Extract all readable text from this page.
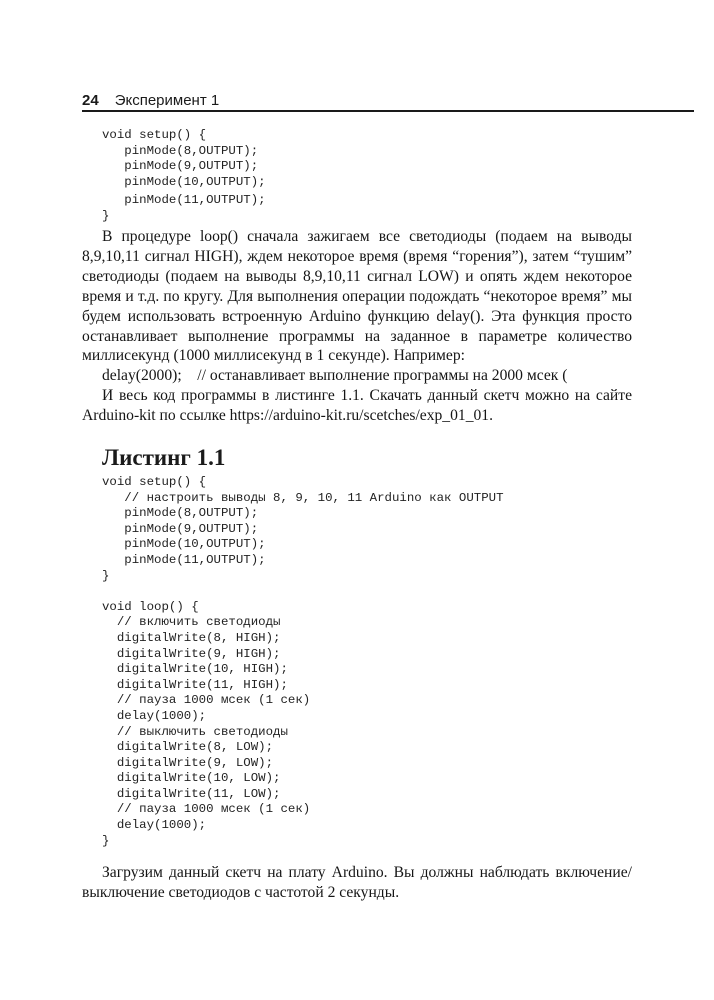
24 Эксперимент 1
void setup() {
pinMode(8,OUTPUT);
pinMode(9,OUTPUT);
pinMode(10,OUTPUT);
pinMode(11,OUTPUT);
}

В процедуре loop() сначала зажигаем все светодиоды (подаем на выводы 8,9,10,11 сигнал HIGH), ждем некоторое время (время “горения”), затем “тушим” светодиоды (подаем на выводы 8,9,10,11 сигнал LOW) и опять ждем некоторое время и т.д. по кругу. Для выполнения операции подождать “некоторое время” мы будем использовать встроенную Arduino функцию delay(). Эта функция просто останавливает выполнение программы на заданное в параметре количество миллисекунд (1000 миллисекунд в 1 секунде). Например:

delay(2000);    // останавливает выполнение программы на 2000 мсек (

И весь код программы в листинге 1.1. Скачать данный скетч можно на сайте Arduino-kit по ссылке https://arduino-kit.ru/scetches/exp_01_01.

Листинг 1.1
void setup() {
// настроить выводы 8, 9, 10, 11 Arduino как OUTPUT
pinMode(8,OUTPUT);
pinMode(9,OUTPUT);
pinMode(10,OUTPUT);
pinMode(11,OUTPUT);
}
void loop() {
// включить светодиоды
digitalWrite(8, HIGH);
digitalWrite(9, HIGH);
digitalWrite(10, HIGH);
digitalWrite(11, HIGH);
// пауза 1000 мсек (1 сек)
delay(1000);
// выключить светодиоды
digitalWrite(8, LOW);
digitalWrite(9, LOW);
digitalWrite(10, LOW);
digitalWrite(11, LOW);
// пауза 1000 мсек (1 сек)
delay(1000);
}

Загрузим данный скетч на плату Arduino. Вы должны наблюдать включение/выключение светодиодов с частотой 2 секунды.
